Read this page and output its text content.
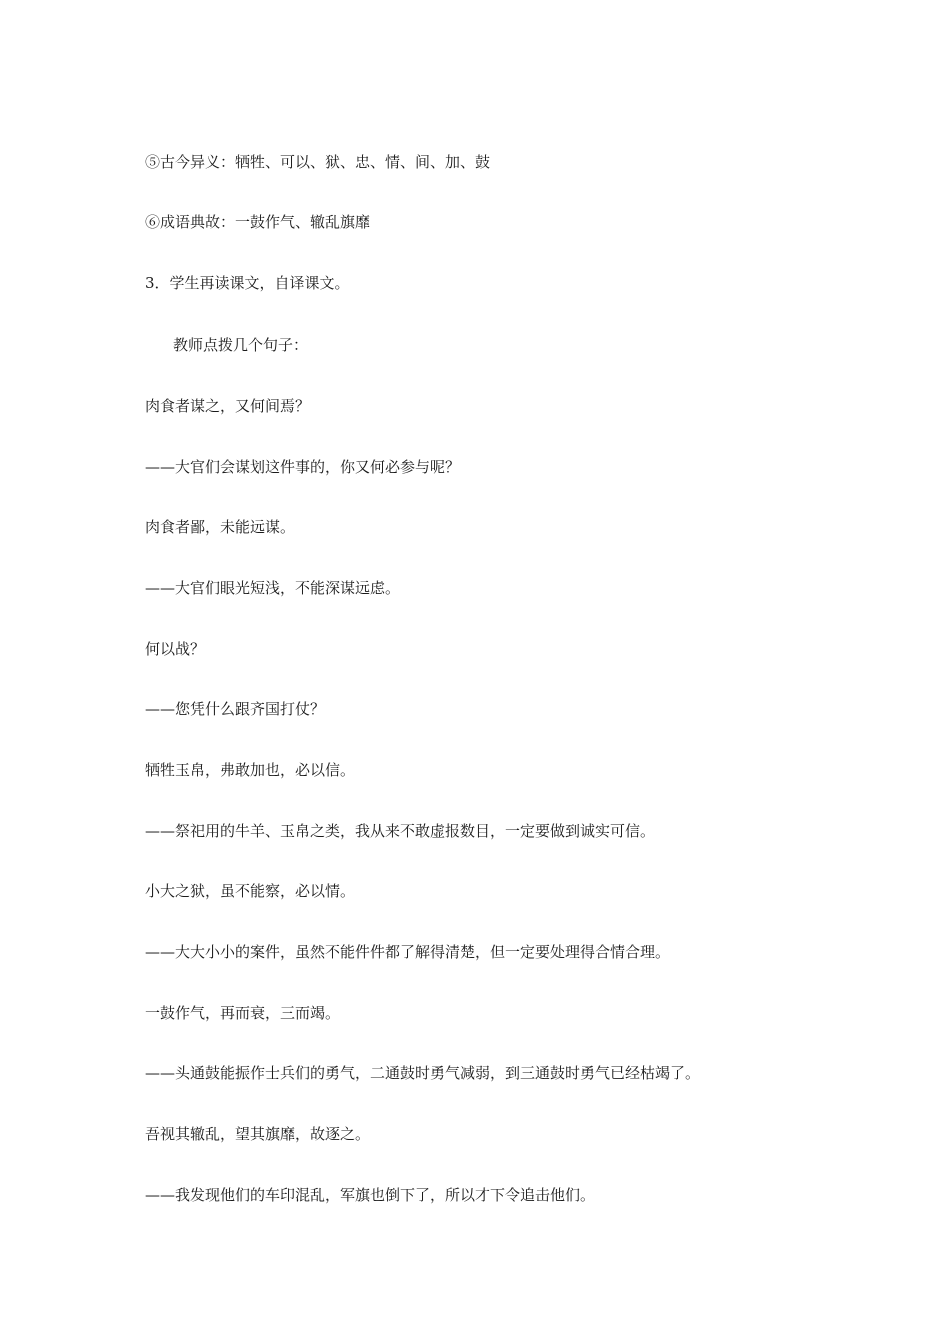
⑤古今异义：牺牲、可以、狱、忠、情、间、加、鼓
⑥成语典故：一鼓作气、辙乱旗靡
3．学生再读课文，自译课文。
教师点拨几个句子：
肉食者谋之，又何间焉？
——大官们会谋划这件事的，你又何必参与呢？
肉食者鄙，未能远谋。
——大官们眼光短浅，不能深谋远虑。
何以战？
——您凭什么跟齐国打仗？
牺牲玉帛，弗敢加也，必以信。
——祭祀用的牛羊、玉帛之类，我从来不敢虚报数目，一定要做到诚实可信。
小大之狱，虽不能察，必以情。
——大大小小的案件，虽然不能件件都了解得清楚，但一定要处理得合情合理。
一鼓作气，再而衰，三而竭。
——头通鼓能振作士兵们的勇气，二通鼓时勇气减弱，到三通鼓时勇气已经枯竭了。
吾视其辙乱，望其旗靡，故逐之。
——我发现他们的车印混乱，军旗也倒下了，所以才下令追击他们。
